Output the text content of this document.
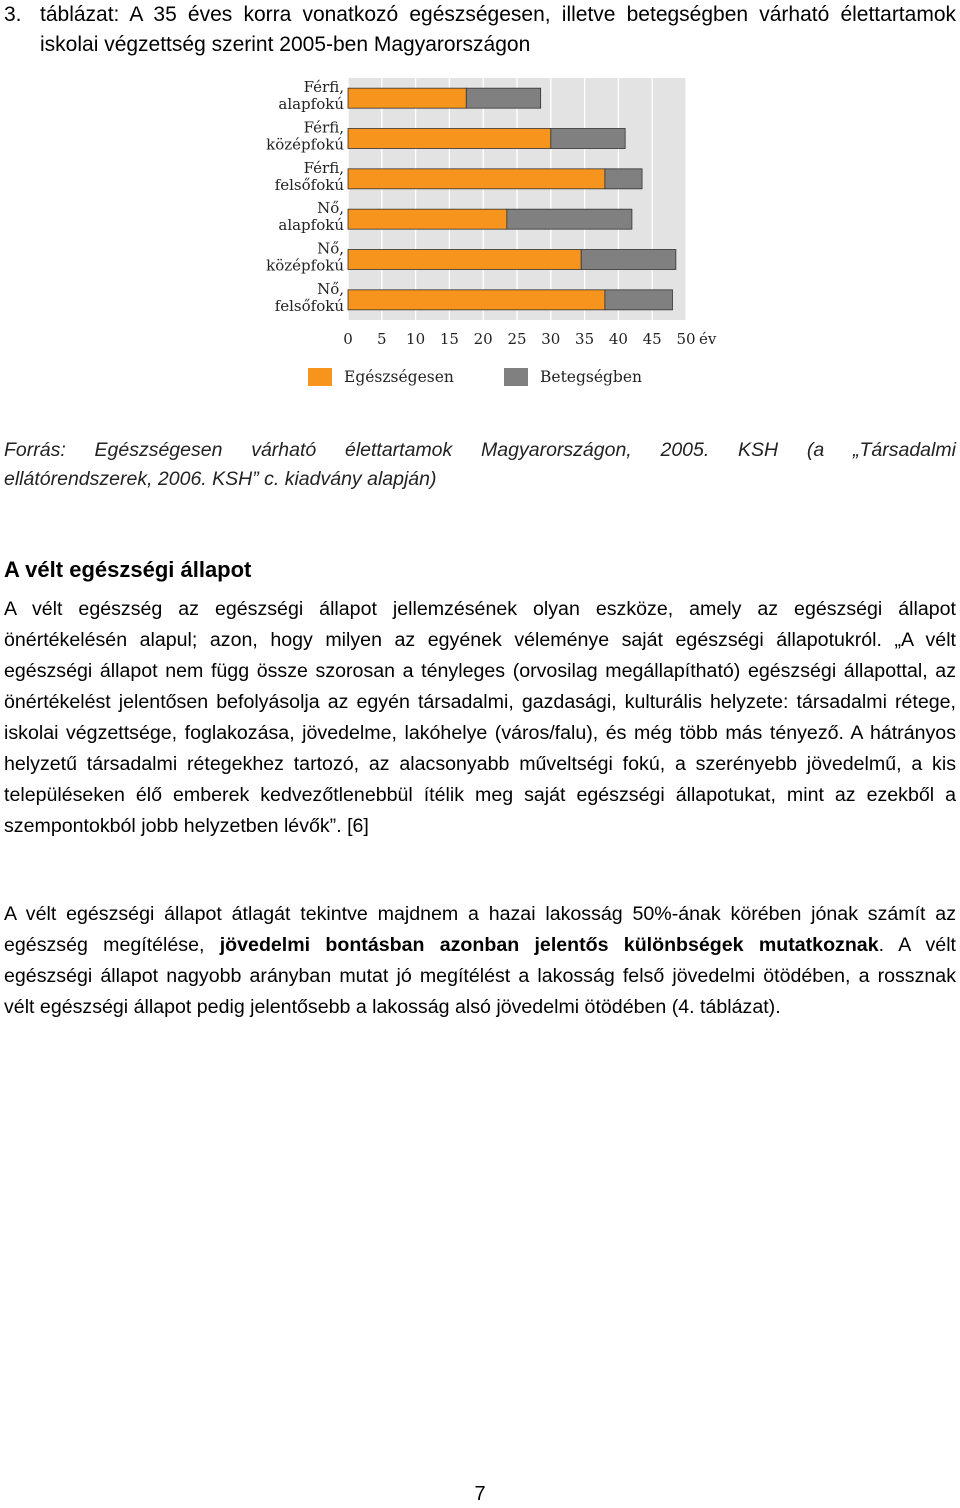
3. táblázat: A 35 éves korra vonatkozó egészségesen, illetve betegségben várható élettartamok iskolai végzettség szerint 2005-ben Magyarországon
Férfi, alapfokú
Férfi, középfokú
Férfi, felsőfokú
Nő, alapfokú
Nő, középfokú
Nő, felsőfokú
0 5 10 15 20 25 30 35 40 45 50 év
Egészségesen	Betegségben
Forrás: Egészségesen várható élettartamok Magyarországon, 2005. KSH (a „Társadalmi
ellátórendszerek, 2006. KSH” c. kiadvány alapján)
A vélt egészségi állapot
A vélt egészség az egészségi állapot jellemzésének olyan eszköze, amely az egészségi állapot önértékelésén alapul; azon, hogy milyen az egyének véleménye saját egészségi állapotukról. „A vélt egészségi állapot nem függ össze szorosan a tényleges (orvosilag megállapítható) egészségi állapottal, az önértékelést jelentősen befolyásolja az egyén társadalmi, gazdasági, kulturális helyzete: társadalmi rétege, iskolai végzettsége, foglakozása, jövedelme, lakóhelye (város/falu), és még több más tényező. A hátrányos helyzetű társadalmi rétegekhez tartozó, az alacsonyabb műveltségi fokú, a szerényebb jövedelmű, a kis településeken élő emberek kedvezőtlenebbül ítélik meg saját egészségi állapotukat, mint az ezekből a szempontokból jobb helyzetben lévők”. [6]
A vélt egészségi állapot átlagát tekintve majdnem a hazai lakosság 50%-ának körében jónak számít az egészség megítélése, jövedelmi bontásban azonban jelentős különbségek mutatkoznak. A vélt egészségi állapot nagyobb arányban mutat jó megítélést a lakosság felső jövedelmi ötödében, a rossznak vélt egészségi állapot pedig jelentősebb a lakosság alsó jövedelmi ötödében (4. táblázat).
7
